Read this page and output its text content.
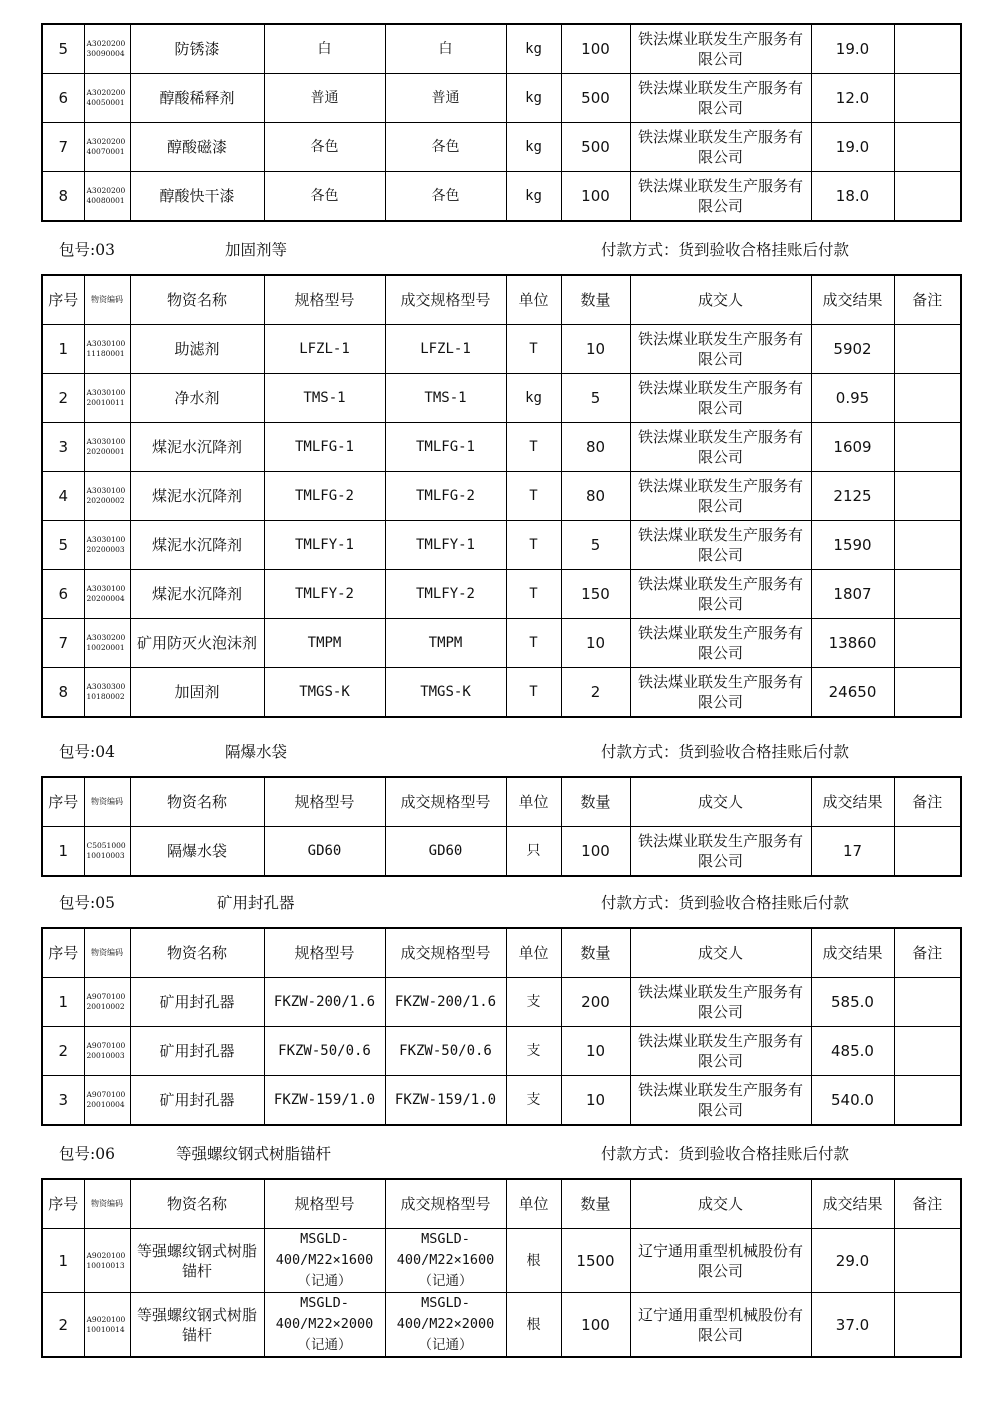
5	A3020200 30090004	防锈漆	白	白	kg	100	铁法煤业联发生产服务有限公司	19.0	
6	A3020200 40050001	醇酸稀释剂	普通	普通	kg	500	铁法煤业联发生产服务有限公司	12.0	
7	A3020200 40070001	醇酸磁漆	各色	各色	kg	500	铁法煤业联发生产服务有限公司	19.0	
8	A3020200 40080001	醇酸快干漆	各色	各色	kg	100	铁法煤业联发生产服务有限公司	18.0	
包号:03	加固剂等	付款方式：货到验收合格挂账后付款
序号	物资编码	物资名称	规格型号	成交规格型号	单位	数量	成交人	成交结果	备注
1	A3030100 11180001	助滤剂	LFZL-1	LFZL-1	T	10	铁法煤业联发生产服务有限公司	5902	
2	A3030100 20010011	净水剂	TMS-1	TMS-1	kg	5	铁法煤业联发生产服务有限公司	0.95	
3	A3030100 20200001	煤泥水沉降剂	TMLFG-1	TMLFG-1	T	80	铁法煤业联发生产服务有限公司	1609	
4	A3030100 20200002	煤泥水沉降剂	TMLFG-2	TMLFG-2	T	80	铁法煤业联发生产服务有限公司	2125	
5	A3030100 20200003	煤泥水沉降剂	TMLFY-1	TMLFY-1	T	5	铁法煤业联发生产服务有限公司	1590	
6	A3030100 20200004	煤泥水沉降剂	TMLFY-2	TMLFY-2	T	150	铁法煤业联发生产服务有限公司	1807	
7	A3030200 10020001	矿用防灭火泡沫剂	TMPM	TMPM	T	10	铁法煤业联发生产服务有限公司	13860	
8	A3030300 10180002	加固剂	TMGS-K	TMGS-K	T	2	铁法煤业联发生产服务有限公司	24650	
包号:04	隔爆水袋	付款方式：货到验收合格挂账后付款
序号	物资编码	物资名称	规格型号	成交规格型号	单位	数量	成交人	成交结果	备注
1	C5051000 10010003	隔爆水袋	GD60	GD60	只	100	铁法煤业联发生产服务有限公司	17	
包号:05	矿用封孔器	付款方式：货到验收合格挂账后付款
序号	物资编码	物资名称	规格型号	成交规格型号	单位	数量	成交人	成交结果	备注
1	A9070100 20010002	矿用封孔器	FKZW-200/1.6	FKZW-200/1.6	支	200	铁法煤业联发生产服务有限公司	585.0	
2	A9070100 20010003	矿用封孔器	FKZW-50/0.6	FKZW-50/0.6	支	10	铁法煤业联发生产服务有限公司	485.0	
3	A9070100 20010004	矿用封孔器	FKZW-159/1.0	FKZW-159/1.0	支	10	铁法煤业联发生产服务有限公司	540.0	
包号:06	等强螺纹钢式树脂锚杆	付款方式：货到验收合格挂账后付款
序号	物资编码	物资名称	规格型号	成交规格型号	单位	数量	成交人	成交结果	备注
1	A9020100 10010013	等强螺纹钢式树脂锚杆	MSGLD-400/M22×1600（记通）	MSGLD-400/M22×1600（记通）	根	1500	辽宁通用重型机械股份有限公司	29.0	
2	A9020100 10010014	等强螺纹钢式树脂锚杆	MSGLD-400/M22×2000（记通）	MSGLD-400/M22×2000（记通）	根	100	辽宁通用重型机械股份有限公司	37.0	
